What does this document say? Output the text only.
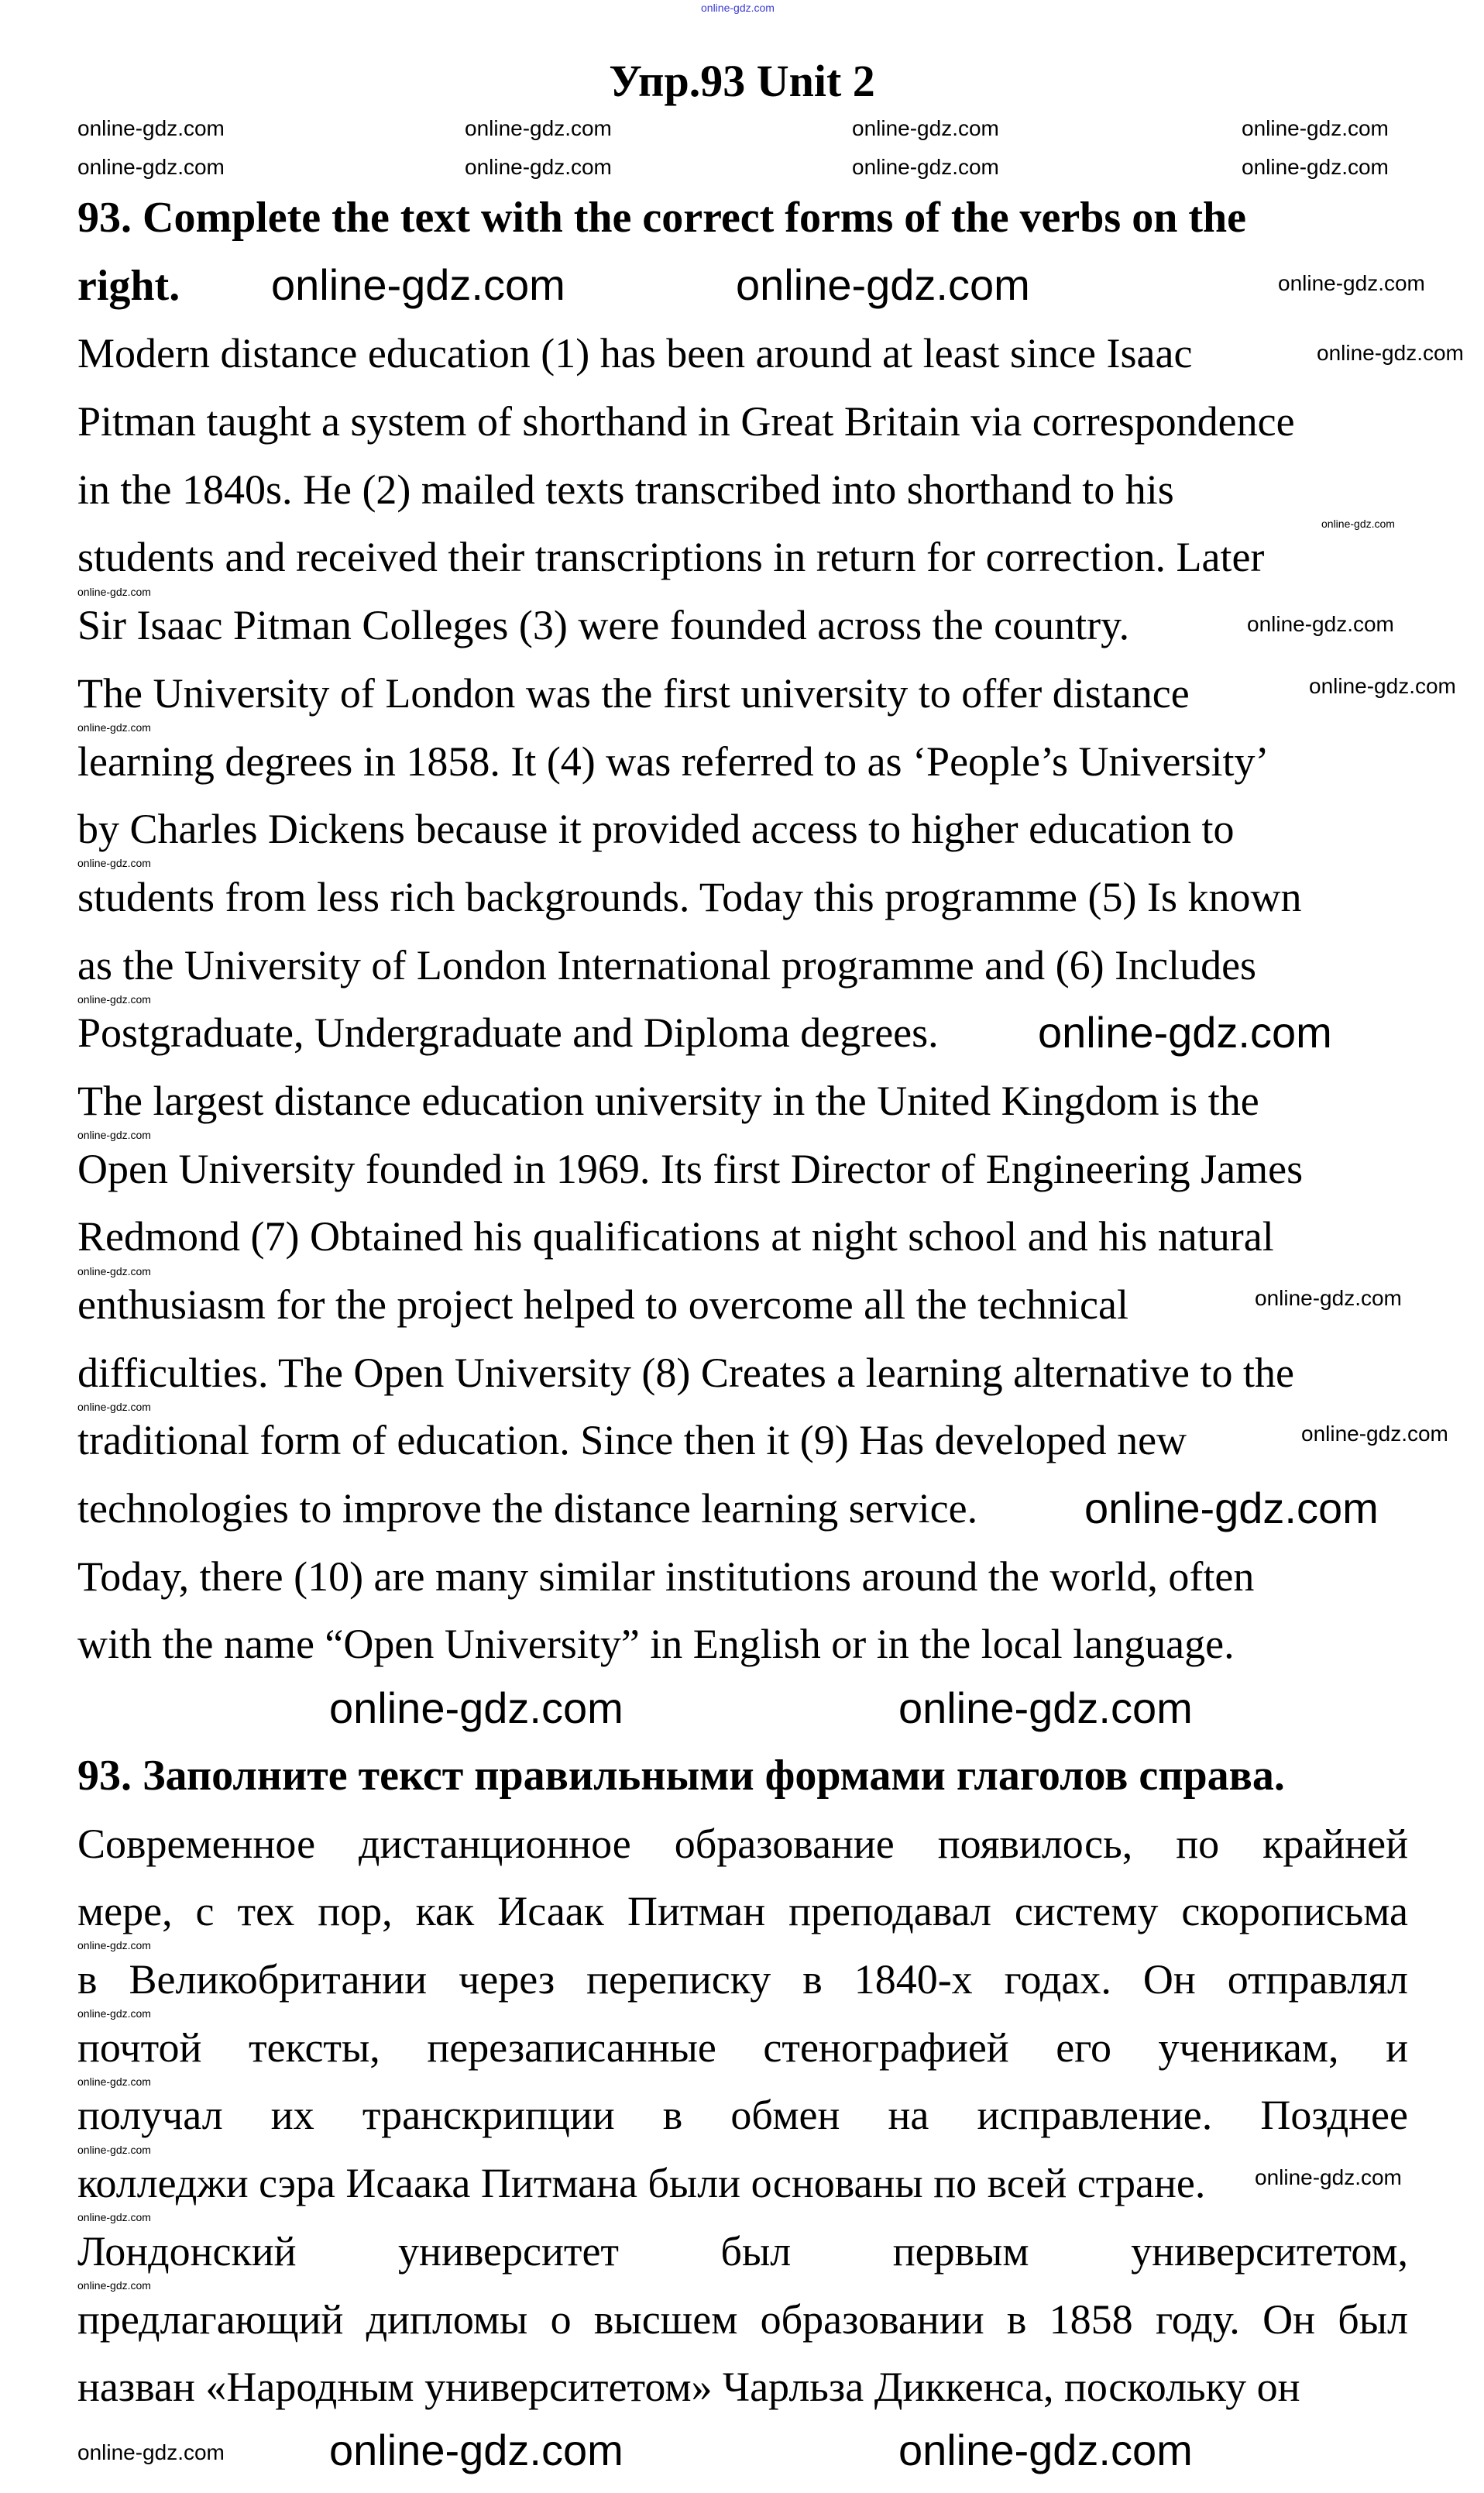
online-gdz.com
Упр.93 Unit 2
93. Complete the text with the correct forms of the verbs on the
right.
Modern distance education (1) has been around at least since Isaac
Pitman taught a system of shorthand in Great Britain via correspondence
in the 1840s. He (2) mailed texts transcribed into shorthand to his
students and received their transcriptions in return for correction. Later
Sir Isaac Pitman Colleges (3) were founded across the country.
The University of London was the first university to offer distance
learning degrees in 1858. It (4) was referred to as ‘People’s University’
by Charles Dickens because it provided access to higher education to
students from less rich backgrounds. Today this programme (5) Is known
as the University of London International programme and (6) Includes
Postgraduate, Undergraduate and Diploma degrees.
The largest distance education university in the United Kingdom is the
Open University founded in 1969. Its first Director of Engineering James
Redmond (7) Obtained his qualifications at night school and his natural
enthusiasm for the project helped to overcome all the technical
difficulties. The Open University (8) Creates a learning alternative to the
traditional form of education. Since then it (9) Has developed new
technologies to improve the distance learning service.
Today, there (10) are many similar institutions around the world, often
with the name “Open University” in English or in the local language.
93. Заполните текст правильными формами глаголов справа.
Современное дистанционное образование появилось, по крайней
мере, с тех пор, как Исаак Питман преподавал систему скорописьма
в Великобритании через переписку в 1840-х годах. Он отправлял
почтой тексты, перезаписанные стенографией его ученикам, и
получал их транскрипции в обмен на исправление. Позднее
колледжи сэра Исаака Питмана были основаны по всей стране.
Лондонский университет был первым университетом,
предлагающий дипломы о высшем образовании в 1858 году. Он был
назван «Народным университетом» Чарльза Диккенса, поскольку он
online-gdz.com	online-gdz.com	online-gdz.com	online-gdz.com
online-gdz.com	online-gdz.com	online-gdz.com	online-gdz.com
online-gdz.com	online-gdz.com	online-gdz.com
online-gdz.com
online-gdz.com
online-gdz.com
online-gdz.com
online-gdz.com
online-gdz.com
online-gdz.com
online-gdz.com	online-gdz.com
online-gdz.com
online-gdz.com	online-gdz.com
online-gdz.com
online-gdz.com
online-gdz.com
online-gdz.com
online-gdz.com
online-gdz.com
online-gdz.com
online-gdz.com
online-gdz.com
online-gdz.com
online-gdz.com
online-gdz.com
online-gdz.com
online-gdz.com
online-gdz.com
